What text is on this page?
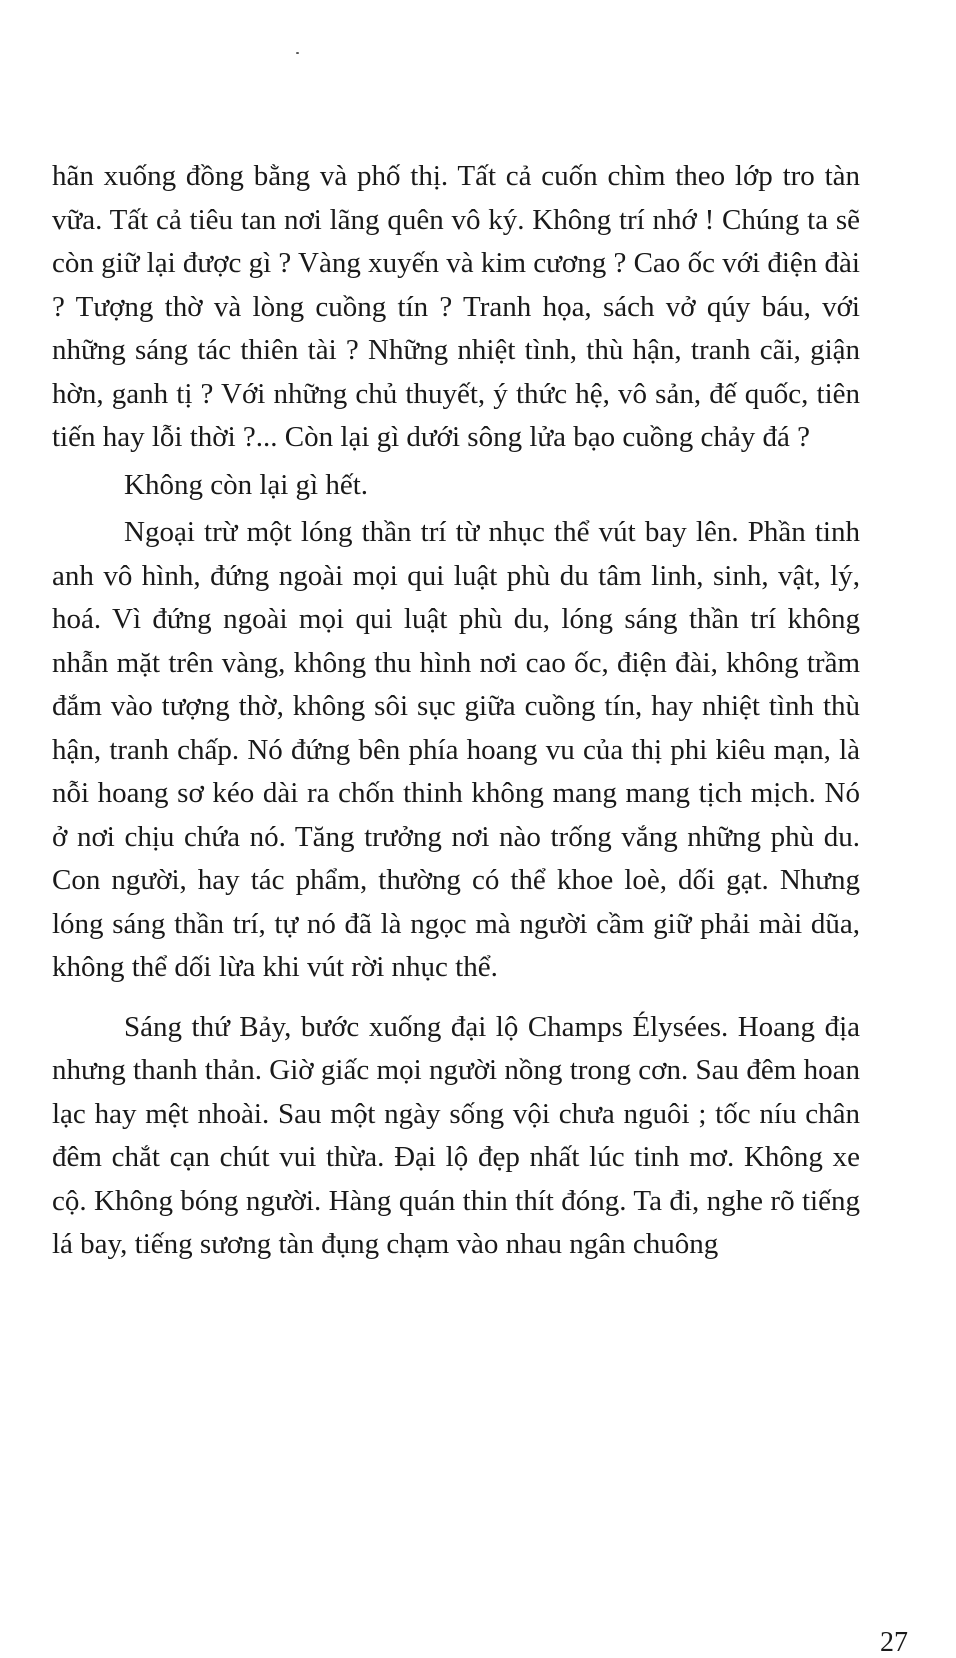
hãn xuống đồng bằng và phố thị. Tất cả cuốn chìm theo lớp tro tàn vữa. Tất cả tiêu tan nơi lãng quên vô ký. Không trí nhớ ! Chúng ta sẽ còn giữ lại được gì ? Vàng xuyến và kim cương ? Cao ốc với điện đài ? Tượng thờ và lòng cuồng tín ? Tranh họa, sách vở qúy báu, với những sáng tác thiên tài ? Những nhiệt tình, thù hận, tranh cãi, giận hờn, ganh tị ? Với những chủ thuyết, ý thức hệ, vô sản, đế quốc, tiên tiến hay lỗi thời ?... Còn lại gì dưới sông lửa bạo cuồng chảy đá ?

Không còn lại gì hết.

Ngoại trừ một lóng thần trí từ nhục thể vút bay lên. Phần tinh anh vô hình, đứng ngoài mọi qui luật phù du tâm linh, sinh, vật, lý, hoá. Vì đứng ngoài mọi qui luật phù du, lóng sáng thần trí không nhẫn mặt trên vàng, không thu hình nơi cao ốc, điện đài, không trầm đắm vào tượng thờ, không sôi sục giữa cuồng tín, hay nhiệt tình thù hận, tranh chấp. Nó đứng bên phía hoang vu của thị phi kiêu mạn, là nỗi hoang sơ kéo dài ra chốn thinh không mang mang tịch mịch. Nó ở nơi chịu chứa nó. Tăng trưởng nơi nào trống vắng những phù du. Con người, hay tác phẩm, thường có thể khoe loè, dối gạt. Nhưng lóng sáng thần trí, tự nó đã là ngọc mà người cầm giữ phải mài dũa, không thể dối lừa khi vút rời nhục thể.

Sáng thứ Bảy, bước xuống đại lộ Champs Élysées. Hoang địa nhưng thanh thản. Giờ giấc mọi người nồng trong cơn. Sau đêm hoan lạc hay mệt nhoài. Sau một ngày sống vội chưa nguôi ; tốc níu chân đêm chắt cạn chút vui thừa. Đại lộ đẹp nhất lúc tinh mơ. Không xe cộ. Không bóng người. Hàng quán thin thít đóng. Ta đi, nghe rõ tiếng lá bay, tiếng sương tàn đụng chạm vào nhau ngân chuông

27
